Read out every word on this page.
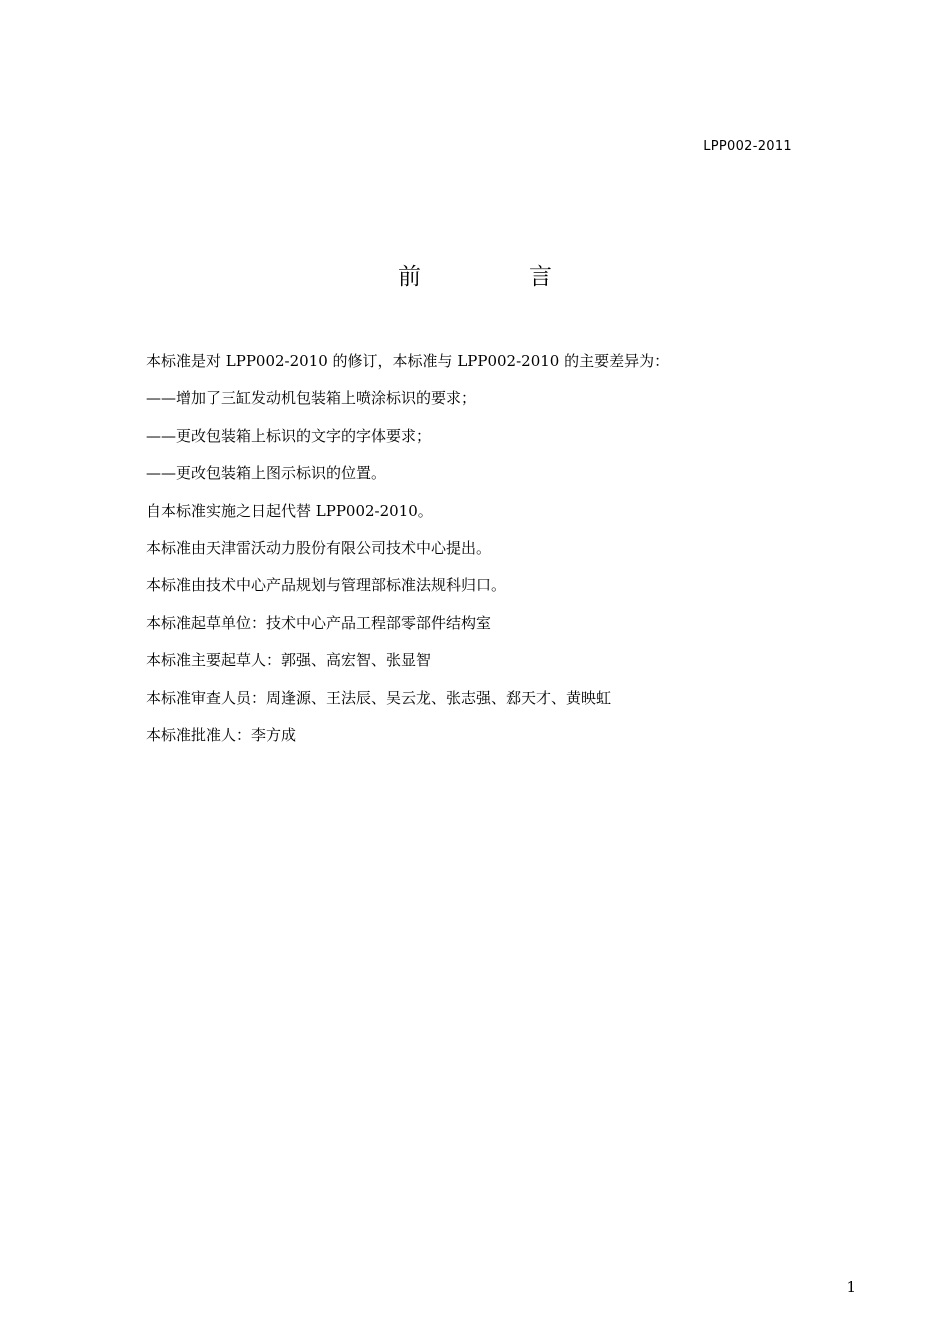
LPP002-2011
前	言
本标准是对 LPP002-2010 的修订，本标准与 LPP002-2010 的主要差异为：
——增加了三缸发动机包装箱上喷涂标识的要求；
——更改包装箱上标识的文字的字体要求；
——更改包装箱上图示标识的位置。
自本标准实施之日起代替 LPP002-2010。
本标准由天津雷沃动力股份有限公司技术中心提出。
本标准由技术中心产品规划与管理部标准法规科归口。
本标准起草单位：技术中心产品工程部零部件结构室
本标准主要起草人：郭强、高宏智、张显智
本标准审查人员：周逢源、王法辰、吴云龙、张志强、郄天才、黄映虹
本标准批准人：李方成
1
